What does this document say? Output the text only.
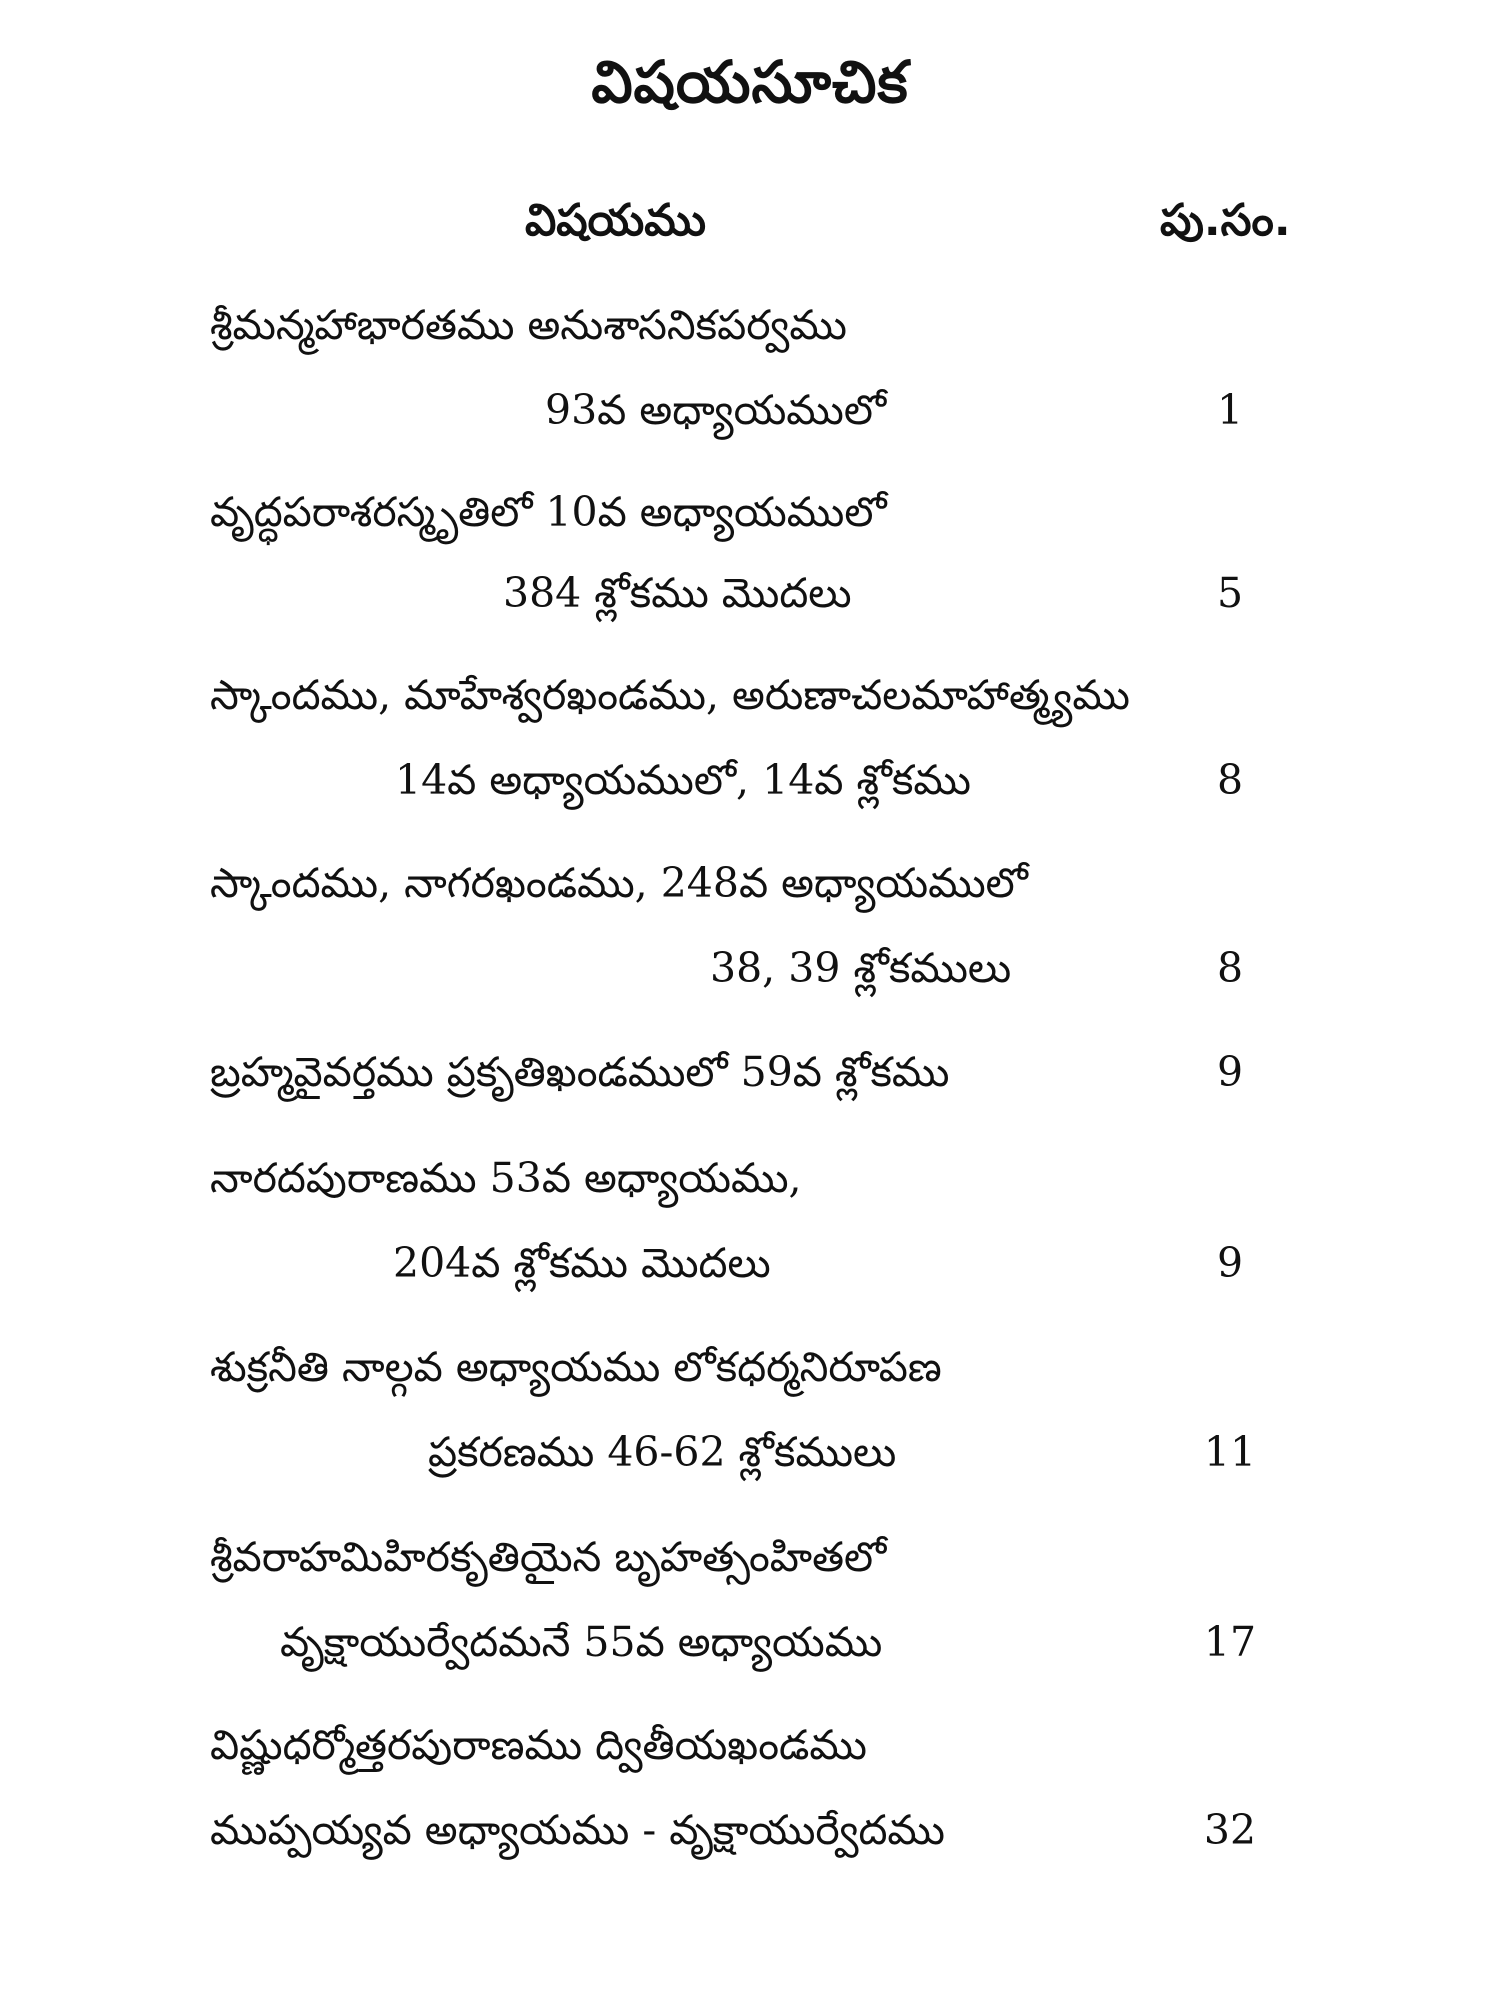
విషయసూచిక
విషయము	పు.సం.
శ్రీమన్మహాభారతము అనుశాసనికపర్వము
93వ అధ్యాయములో	1
వృద్ధపరాశరస్మృతిలో 10వ అధ్యాయములో
384 శ్లోకము మొదలు	5
స్కాందము, మాహేశ్వరఖండము, అరుణాచలమాహాత్మ్యము
14వ అధ్యాయములో, 14వ శ్లోకము	8
స్కాందము, నాగరఖండము, 248వ అధ్యాయములో
38, 39 శ్లోకములు	8
బ్రహ్మవైవర్తము ప్రకృతిఖండములో 59వ శ్లోకము	9
నారదపురాణము 53వ అధ్యాయము,
204వ శ్లోకము మొదలు	9
శుక్రనీతి నాల్గవ అధ్యాయము లోకధర్మనిరూపణ
ప్రకరణము 46-62 శ్లోకములు	11
శ్రీవరాహమిహిరకృతియైన బృహత్సంహితలో
వృక్షాయుర్వేదమనే 55వ అధ్యాయము	17
విష్ణుధర్మోత్తరపురాణము ద్వితీయఖండము
ముప్పయ్యవ అధ్యాయము - వృక్షాయుర్వేదము	32
